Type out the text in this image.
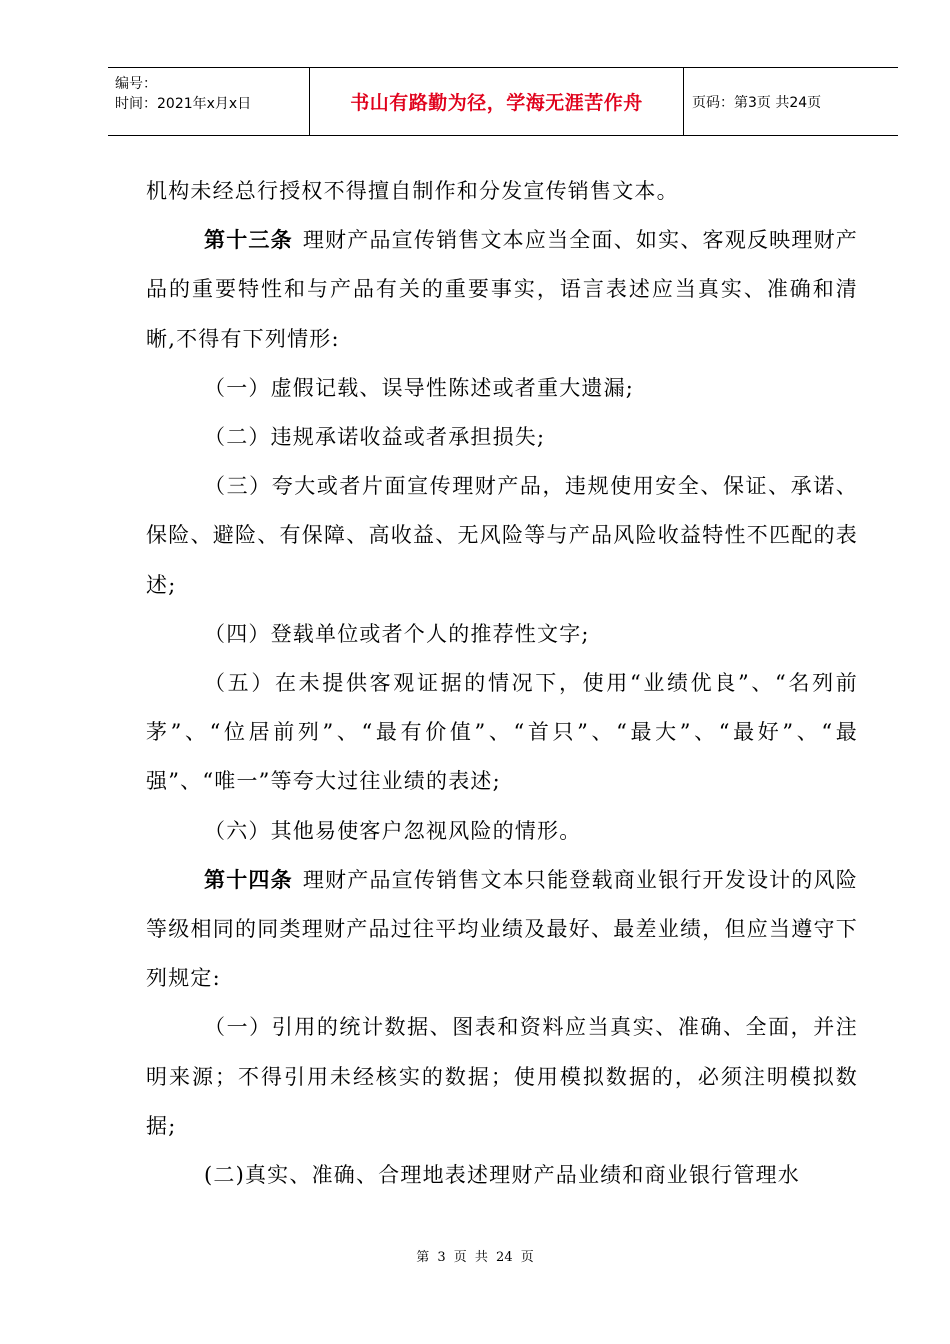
编号：
时间：2021年x月x日	书山有路勤为径，学海无涯苦作舟	页码：第3页 共24页

机构未经总行授权不得擅自制作和分发宣传销售文本。

第十三条 理财产品宣传销售文本应当全面、如实、客观反映理财产品的重要特性和与产品有关的重要事实，语言表述应当真实、准确和清晰,不得有下列情形:

（一）虚假记载、误导性陈述或者重大遗漏;

（二）违规承诺收益或者承担损失;

（三）夸大或者片面宣传理财产品，违规使用安全、保证、承诺、保险、避险、有保障、高收益、无风险等与产品风险收益特性不匹配的表述;

（四）登载单位或者个人的推荐性文字;

（五）在未提供客观证据的情况下，使用“业绩优良”、“名列前茅”、“位居前列”、“最有价值”、“首只”、“最大”、“最好”、“最强”、“唯一”等夸大过往业绩的表述;

（六）其他易使客户忽视风险的情形。

第十四条 理财产品宣传销售文本只能登载商业银行开发设计的风险等级相同的同类理财产品过往平均业绩及最好、最差业绩，但应当遵守下列规定:

（一）引用的统计数据、图表和资料应当真实、准确、全面，并注明来源；不得引用未经核实的数据；使用模拟数据的，必须注明模拟数据;

(二)真实、准确、合理地表述理财产品业绩和商业银行管理水

第 3 页 共 24 页
